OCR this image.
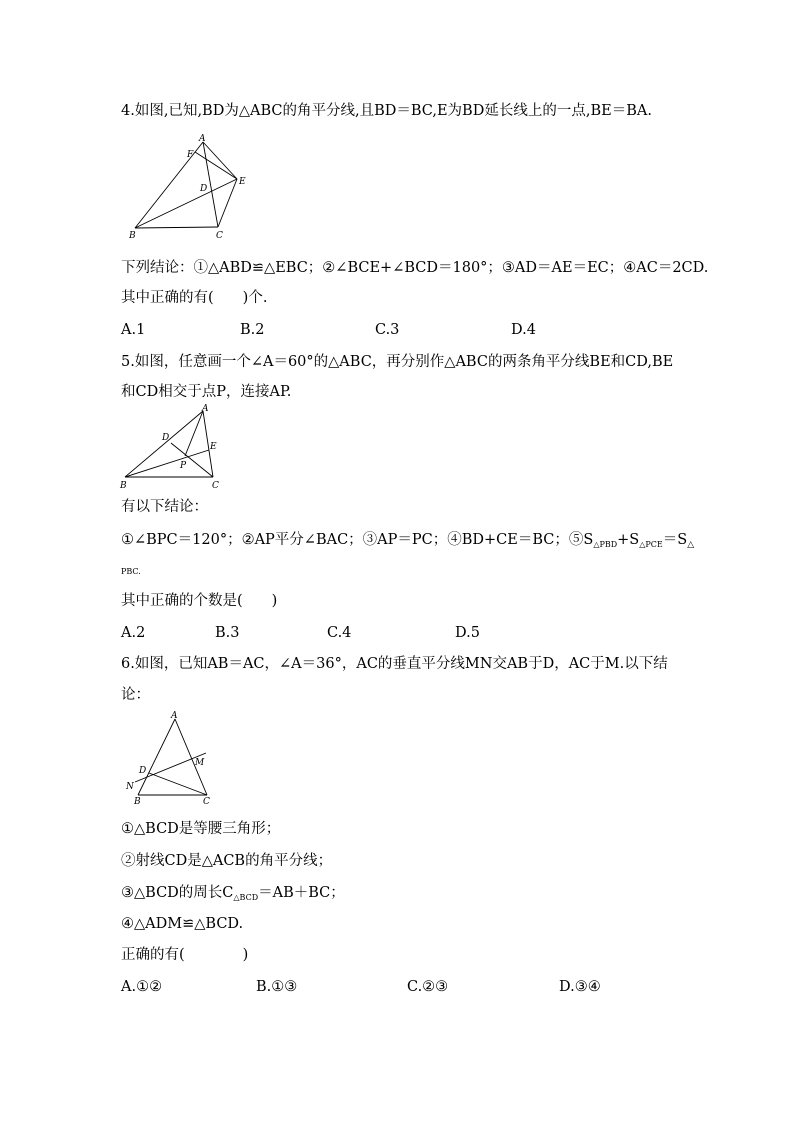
4.如图,已知,BD为△ABC的角平分线,且BD＝BC,E为BD延长线上的一点,BE＝BA.
A
F
E
D
B	C
下列结论：①△ABD≌△EBC；②∠BCE+∠BCD＝180°；③AD＝AE＝EC；④AC＝2CD.
其中正确的有(　　)个.
A.1	B.2	C.3	D.4
5.如图，任意画一个∠A＝60°的△ABC，再分别作△ABC的两条角平分线BE和CD,BE
和CD相交于点P，连接AP.
A
D
E
P
B	C
有以下结论：
①∠BPC＝120°；②AP平分∠BAC；③AP＝PC；④BD+CE＝BC；$⑤S_{\triangle PBD}+S_{\triangle PCE}=S_\triangle$
PBC.
其中正确的个数是(　　)
A.2	B.3	C.4	D.5
6.如图，已知AB＝AC，∠A＝36°，AC的垂直平分线MN交AB于D，AC于M.以下结
论：
A
D
M
N
B	C
①△BCD是等腰三角形；
②射线CD是△ACB的角平分线；
③△BCD的周长$C_{\triangle BCD}=AB+BC$；
④△ADM≌△BCD.
正确的有(　　　　)
A.①②	B.①③	C.②③	D.③④
